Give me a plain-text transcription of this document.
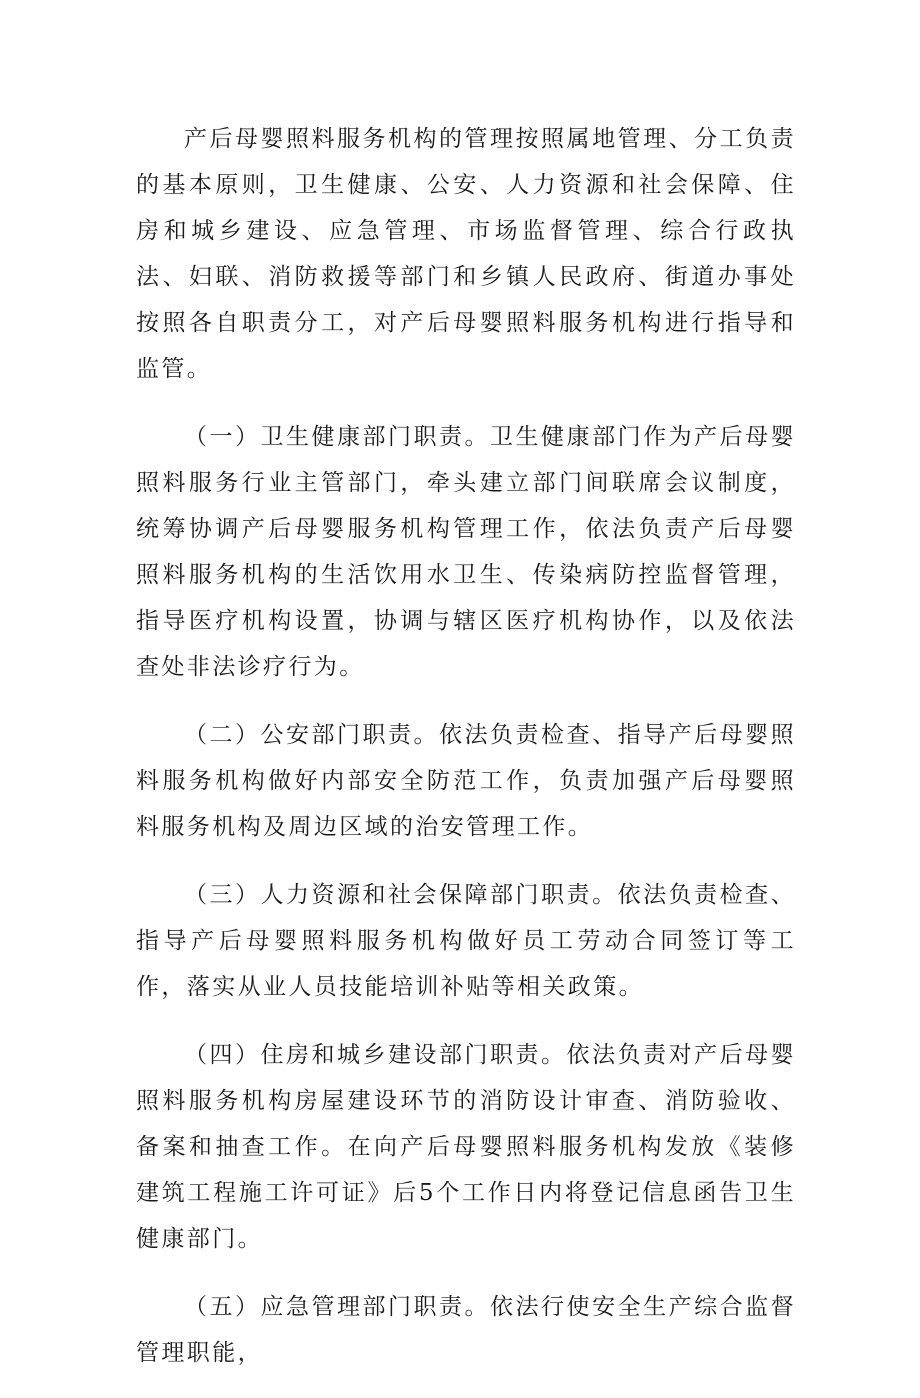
产后母婴照料服务机构的管理按照属地管理、分工负责的基本原则，卫生健康、公安、人力资源和社会保障、住房和城乡建设、应急管理、市场监督管理、综合行政执法、妇联、消防救援等部门和乡镇人民政府、街道办事处按照各自职责分工，对产后母婴照料服务机构进行指导和监管。

（一）卫生健康部门职责。卫生健康部门作为产后母婴照料服务行业主管部门，牵头建立部门间联席会议制度，统筹协调产后母婴服务机构管理工作，依法负责产后母婴照料服务机构的生活饮用水卫生、传染病防控监督管理，指导医疗机构设置，协调与辖区医疗机构协作，以及依法查处非法诊疗行为。

（二）公安部门职责。依法负责检查、指导产后母婴照料服务机构做好内部安全防范工作，负责加强产后母婴照料服务机构及周边区域的治安管理工作。

（三）人力资源和社会保障部门职责。依法负责检查、指导产后母婴照料服务机构做好员工劳动合同签订等工作，落实从业人员技能培训补贴等相关政策。

（四）住房和城乡建设部门职责。依法负责对产后母婴照料服务机构房屋建设环节的消防设计审查、消防验收、备案和抽查工作。在向产后母婴照料服务机构发放《装修建筑工程施工许可证》后5个工作日内将登记信息函告卫生健康部门。

（五）应急管理部门职责。依法行使安全生产综合监督管理职能，
